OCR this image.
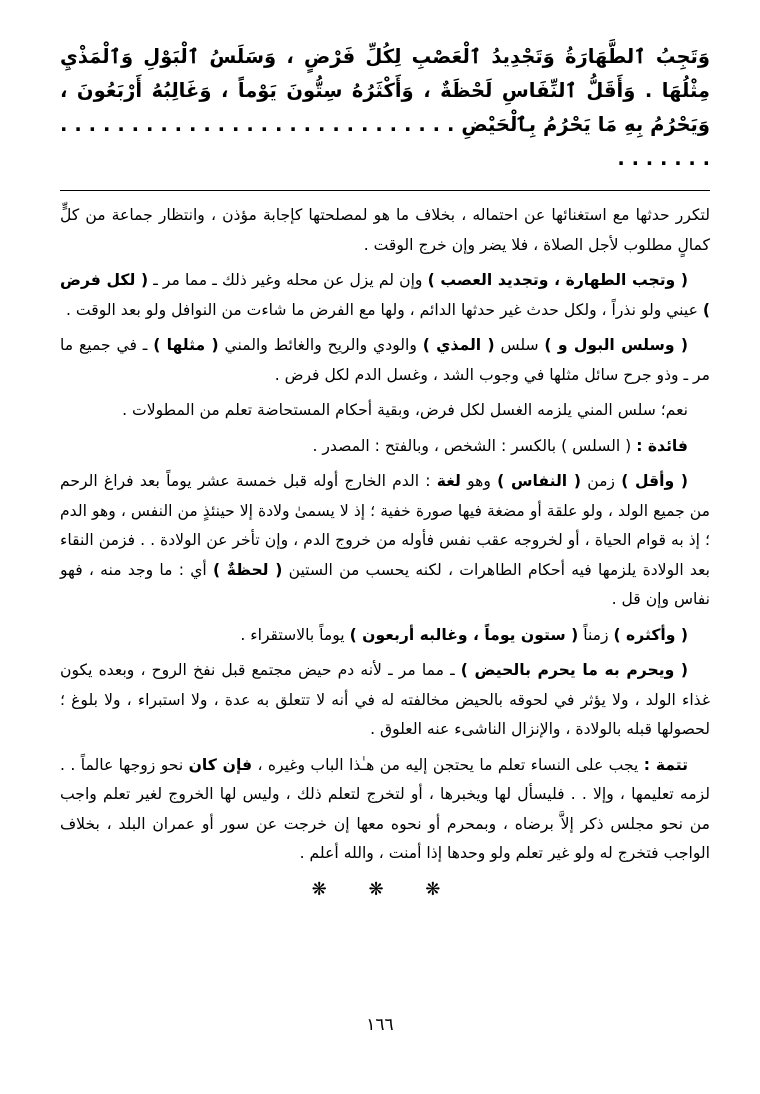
وَتَجِبُ ٱلطَّهَارَةُ وَتَجْدِيدُ ٱلْعَصْبِ لِكُلِّ فَرْضٍ ، وَسَلَسُ ٱلْبَوْلِ وَٱلْمَذْيِ مِثْلُهَا . وَأَقَلُّ ٱلنِّفَاسِ لَحْظَةٌ ، وَأَكْثَرُهُ سِتُّونَ يَوْماً ، وَغَالِبُهُ أَرْبَعُونَ ، وَيَحْرُمُ بِهِ مَا يَحْرُمُ بِٱلْحَيْضِ . . . . . . . . . . . . . . . . . . . . . . . . . . . . . . . . . . .

لتكرر حدثها مع استغنائها عن احتماله ، بخلاف ما هو لمصلحتها كإجابة مؤذن ، وانتظار جماعة من كلٍّ كمالٍ مطلوب لأجل الصلاة ، فلا يضر وإن خرج الوقت .

( وتجب الطهارة ، وتجديد العصب ) وإن لم يزل عن محله وغير ذلك ـ مما مر ـ ( لكل فرض ) عيني ولو نذراً ، ولكل حدث غير حدثها الدائم ، ولها مع الفرض ما شاءت من النوافل ولو بعد الوقت .

( وسلس البول و ) سلس ( المذي ) والودي والريح والغائط والمني ( مثلها ) ـ في جميع ما مر ـ وذو جرح سائل مثلها في وجوب الشد ، وغسل الدم لكل فرض .

نعم؛ سلس المني يلزمه الغسل لكل فرض، وبقية أحكام المستحاضة تعلم من المطولات .

فائدة : ( السلس ) بالكسر : الشخص ، وبالفتح : المصدر .

( وأقل ) زمن ( النفاس ) وهو لغة : الدم الخارج أوله قبل خمسة عشر يوماً بعد فراغ الرحم من جميع الولد ، ولو علقة أو مضغة فيها صورة خفية ؛ إذ لا يسمىٰ ولادة إلا حينئذٍ من النفس ، وهو الدم ؛ إذ به قوام الحياة ، أو لخروجه عقب نفس فأوله من خروج الدم ، وإن تأخر عن الولادة . . فزمن النقاء بعد الولادة يلزمها فيه أحكام الطاهرات ، لكنه يحسب من الستين ( لحظةٌ ) أي : ما وجد منه ، فهو نفاس وإن قل .

( وأكثره ) زمناً ( ستون يوماً ، وغالبه أربعون ) يوماً بالاستقراء .

( ويحرم به ما يحرم بالحيض ) ـ مما مر ـ لأنه دم حيض مجتمع قبل نفخ الروح ، وبعده يكون غذاء الولد ، ولا يؤثر في لحوقه بالحيض مخالفته له في أنه لا تتعلق به عدة ، ولا استبراء ، ولا بلوغ ؛ لحصولها قبله بالولادة ، والإنزال الناشىء عنه العلوق .

تتمة : يجب على النساء تعلم ما يحتجن إليه من هـٰذا الباب وغيره ، فإن كان نحو زوجها عالماً . . لزمه تعليمها ، وإلا . . فليسأل لها ويخبرها ، أو لتخرج لتعلم ذلك ، وليس لها الخروج لغير تعلم واجب من نحو مجلس ذكر إلاَّ برضاه ، وبمحرم أو نحوه معها إن خرجت عن سور أو عمران البلد ، بخلاف الواجب فتخرج له ولو غير تعلم ولو وحدها إذا أمنت ، والله أعلم .

❋ ❋ ❋
١٦٦
